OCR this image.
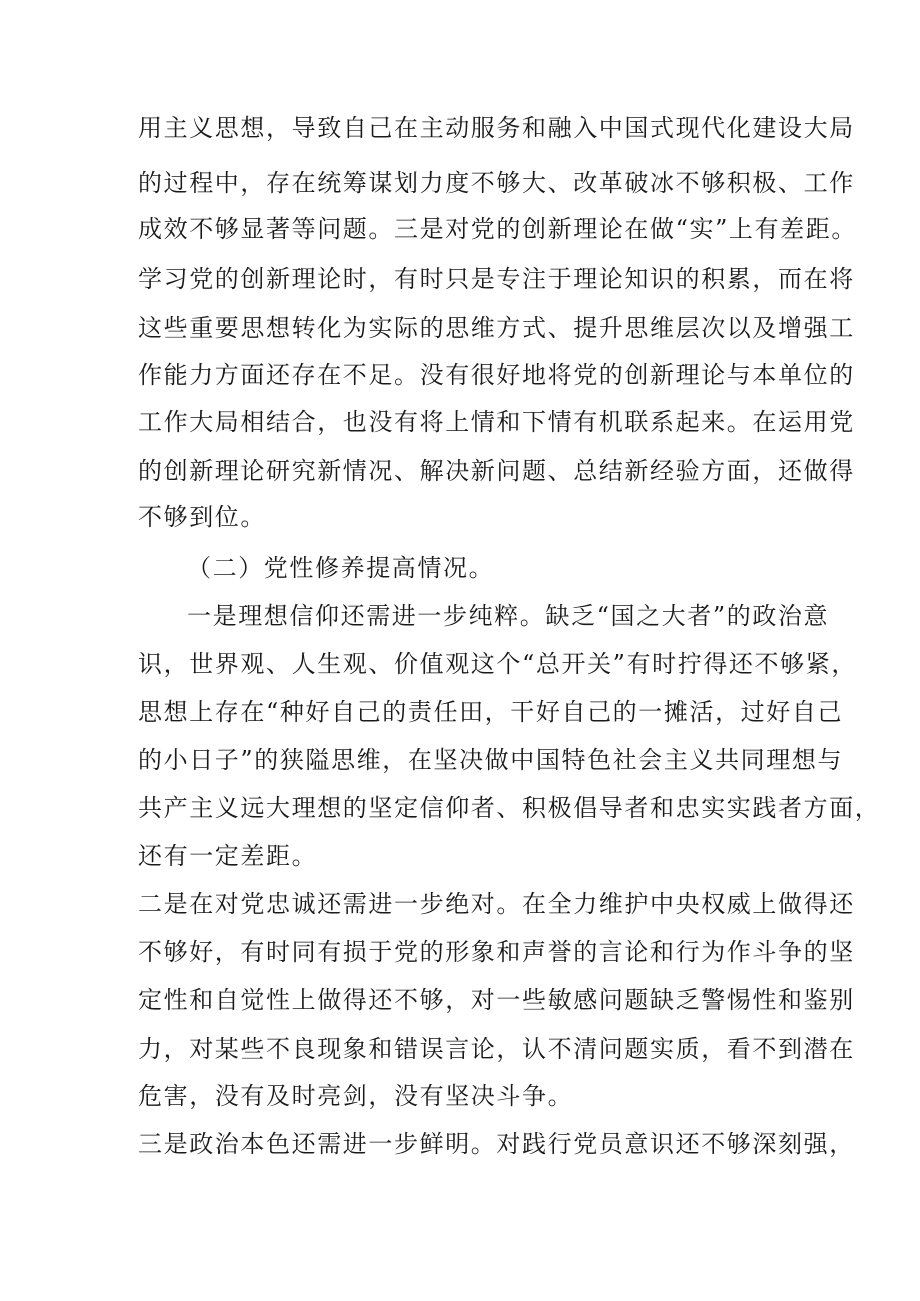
用主义思想，导致自己在主动服务和融入中国式现代化建设大局
的过程中，存在统筹谋划力度不够大、改革破冰不够积极、工作
成效不够显著等问题。三是对党的创新理论在做“实”上有差距。
学习党的创新理论时，有时只是专注于理论知识的积累，而在将
这些重要思想转化为实际的思维方式、提升思维层次以及增强工
作能力方面还存在不足。没有很好地将党的创新理论与本单位的
工作大局相结合，也没有将上情和下情有机联系起来。在运用党
的创新理论研究新情况、解决新问题、总结新经验方面，还做得
不够到位。
（二）党性修养提高情况。
一是理想信仰还需进一步纯粹。缺乏“国之大者”的政治意
识，世界观、人生观、价值观这个“总开关”有时拧得还不够紧，
思想上存在“种好自己的责任田，干好自己的一摊活，过好自己
的小日子”的狭隘思维，在坚决做中国特色社会主义共同理想与
共产主义远大理想的坚定信仰者、积极倡导者和忠实实践者方面，
还有一定差距。
二是在对党忠诚还需进一步绝对。在全力维护中央权威上做得还
不够好，有时同有损于党的形象和声誉的言论和行为作斗争的坚
定性和自觉性上做得还不够，对一些敏感问题缺乏警惕性和鉴别
力，对某些不良现象和错误言论，认不清问题实质，看不到潜在
危害，没有及时亮剑，没有坚决斗争。
三是政治本色还需进一步鲜明。对践行党员意识还不够深刻强，
